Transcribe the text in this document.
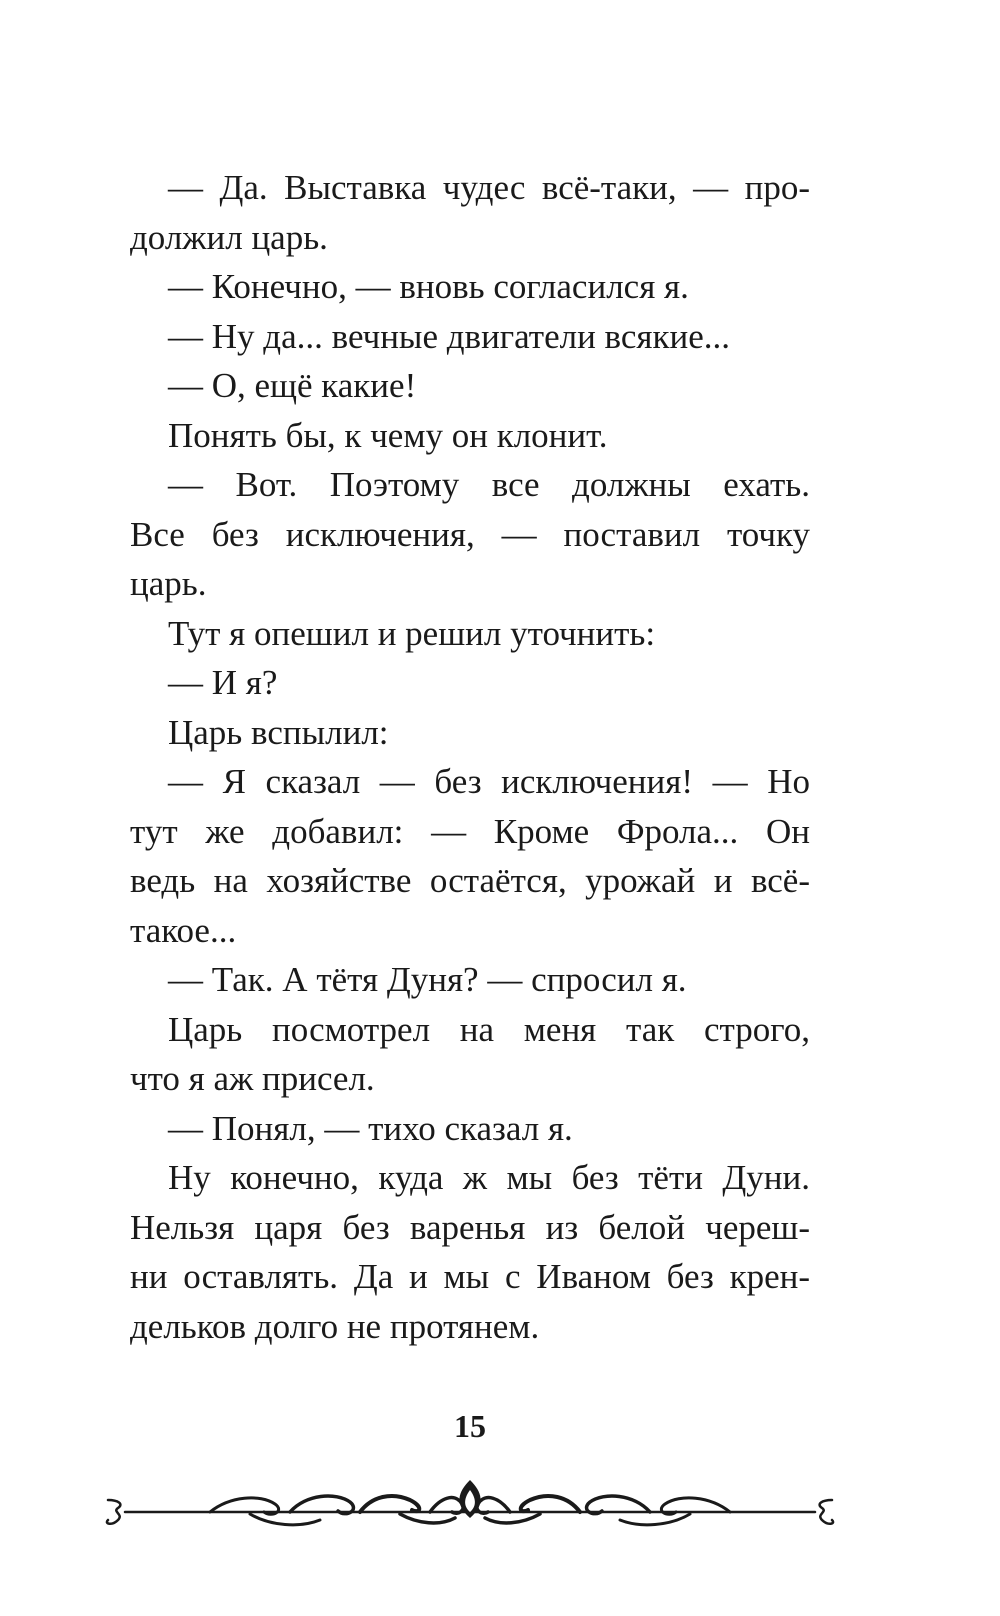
— Да. Выставка чудес всё-таки, — про-
должил царь.
— Конечно, — вновь согласился я.
— Ну да... вечные двигатели всякие...
— О, ещё какие!
Понять бы, к чему он клонит.
— Вот. Поэтому все должны ехать.
Все без исключения, — поставил точку
царь.
Тут я опешил и решил уточнить:
— И я?
Царь вспылил:
— Я сказал — без исключения! — Но
тут же добавил: — Кроме Фрола... Он
ведь на хозяйстве остаётся, урожай и всё-
такое...
— Так. А тётя Дуня? — спросил я.
Царь посмотрел на меня так строго,
что я аж присел.
— Понял, — тихо сказал я.
Ну конечно, куда ж мы без тёти Дуни.
Нельзя царя без варенья из белой череш-
ни оставлять. Да и мы с Иваном без крен-
дельков долго не протянем.
15
